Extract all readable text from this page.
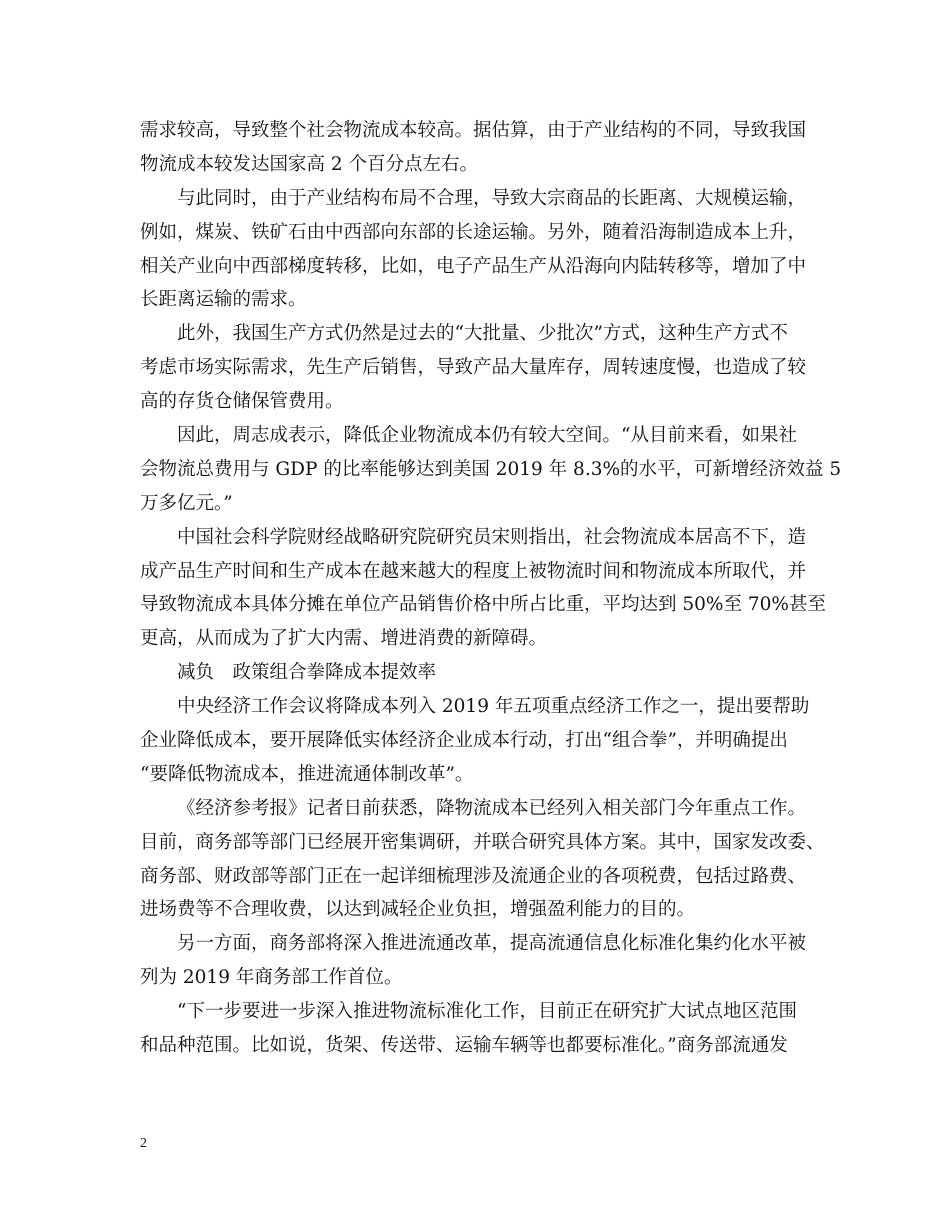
需求较高，导致整个社会物流成本较高。据估算，由于产业结构的不同，导致我国
物流成本较发达国家高 2 个百分点左右。
与此同时，由于产业结构布局不合理，导致大宗商品的长距离、大规模运输，
例如，煤炭、铁矿石由中西部向东部的长途运输。另外，随着沿海制造成本上升，
相关产业向中西部梯度转移，比如，电子产品生产从沿海向内陆转移等，增加了中
长距离运输的需求。
此外，我国生产方式仍然是过去的“大批量、少批次”方式，这种生产方式不
考虑市场实际需求，先生产后销售，导致产品大量库存，周转速度慢，也造成了较
高的存货仓储保管费用。
因此，周志成表示，降低企业物流成本仍有较大空间。“从目前来看，如果社
会物流总费用与 GDP 的比率能够达到美国 2019 年 8.3%的水平，可新增经济效益 5
万多亿元。”
中国社会科学院财经战略研究院研究员宋则指出，社会物流成本居高不下，造
成产品生产时间和生产成本在越来越大的程度上被物流时间和物流成本所取代，并
导致物流成本具体分摊在单位产品销售价格中所占比重，平均达到 50%至 70%甚至
更高，从而成为了扩大内需、增进消费的新障碍。
减负　政策组合拳降成本提效率
中央经济工作会议将降成本列入 2019 年五项重点经济工作之一，提出要帮助
企业降低成本，要开展降低实体经济企业成本行动，打出“组合拳”，并明确提出
“要降低物流成本，推进流通体制改革”。
《经济参考报》记者日前获悉，降物流成本已经列入相关部门今年重点工作。
目前，商务部等部门已经展开密集调研，并联合研究具体方案。其中，国家发改委、
商务部、财政部等部门正在一起详细梳理涉及流通企业的各项税费，包括过路费、
进场费等不合理收费，以达到减轻企业负担，增强盈利能力的目的。
另一方面，商务部将深入推进流通改革，提高流通信息化标准化集约化水平被
列为 2019 年商务部工作首位。
“下一步要进一步深入推进物流标准化工作，目前正在研究扩大试点地区范围
和品种范围。比如说，货架、传送带、运输车辆等也都要标准化。”商务部流通发
2
